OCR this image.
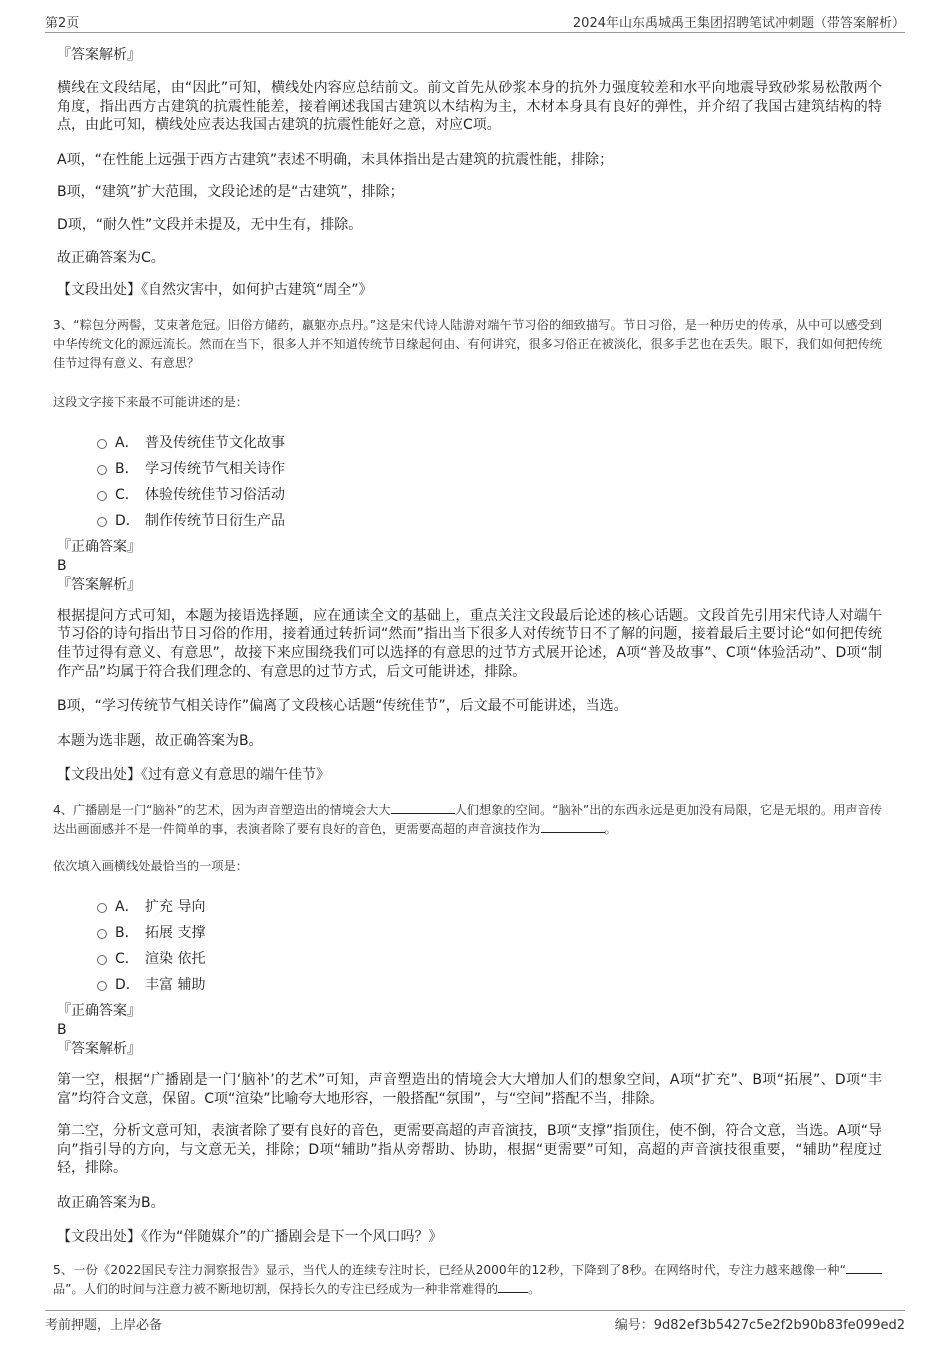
第2页	2024年山东禹城禹王集团招聘笔试冲刺题（带答案解析）

『答案解析』

横线在文段结尾，由“因此”可知，横线处内容应总结前文。前文首先从砂浆本身的抗外力强度较差和水平向地震导致砂浆易松散两个角度，指出西方古建筑的抗震性能差，接着阐述我国古建筑以木结构为主，木材本身具有良好的弹性，并介绍了我国古建筑结构的特点，由此可知，横线处应表达我国古建筑的抗震性能好之意，对应C项。

A项，“在性能上远强于西方古建筑”表述不明确，未具体指出是古建筑的抗震性能，排除；

B项，“建筑”扩大范围，文段论述的是“古建筑”，排除；

D项，“耐久性”文段并未提及，无中生有，排除。

故正确答案为C。

【文段出处】《自然灾害中，如何护古建筑“周全”》

3、“粽包分两髻，艾束著危冠。旧俗方储药，羸躯亦点丹。”这是宋代诗人陆游对端午节习俗的细致描写。节日习俗，是一种历史的传承，从中可以感受到中华传统文化的源远流长。然而在当下，很多人并不知道传统节日缘起何由、有何讲究，很多习俗正在被淡化，很多手艺也在丢失。眼下，我们如何把传统佳节过得有意义、有意思？

这段文字接下来最不可能讲述的是：

A． 普及传统佳节文化故事
B． 学习传统节气相关诗作
C． 体验传统佳节习俗活动
D． 制作传统节日衍生产品

『正确答案』

B

『答案解析』

根据提问方式可知，本题为接语选择题，应在通读全文的基础上，重点关注文段最后论述的核心话题。文段首先引用宋代诗人对端午节习俗的诗句指出节日习俗的作用，接着通过转折词“然而”指出当下很多人对传统节日不了解的问题，接着最后主要讨论“如何把传统佳节过得有意义、有意思”，故接下来应围绕我们可以选择的有意思的过节方式展开论述，A项“普及故事”、C项“体验活动”、D项“制作产品”均属于符合我们理念的、有意思的过节方式，后文可能讲述，排除。

B项，“学习传统节气相关诗作”偏离了文段核心话题“传统佳节”，后文最不可能讲述，当选。

本题为选非题，故正确答案为B。

【文段出处】《过有意义有意思的端午佳节》

4、广播剧是一门“脑补”的艺术，因为声音塑造出的情境会大大	人们想象的空间。“脑补”出的东西永远是更加没有局限，它是无垠的。用声音传达出画面感并不是一件简单的事，表演者除了要有良好的音色，更需要高超的声音演技作为	。

依次填入画横线处最恰当的一项是：

A． 扩充 导向
B． 拓展 支撑
C． 渲染 依托
D． 丰富 辅助

『正确答案』

B

『答案解析』

第一空，根据“广播剧是一门‘脑补’的艺术”可知，声音塑造出的情境会大大增加人们的想象空间，A项“扩充”、B项“拓展”、D项“丰富”均符合文意，保留。C项“渲染”比喻夸大地形容，一般搭配“氛围”，与“空间”搭配不当，排除。

第二空，分析文意可知，表演者除了要有良好的音色，更需要高超的声音演技，B项“支撑”指顶住，使不倒，符合文意，当选。A项“导向”指引导的方向，与文意无关，排除；D项“辅助”指从旁帮助、协助，根据“更需要”可知，高超的声音演技很重要，“辅助”程度过轻，排除。

故正确答案为B。

【文段出处】《作为“伴随媒介”的广播剧会是下一个风口吗？》

5、一份《2022国民专注力洞察报告》显示，当代人的连续专注时长，已经从2000年的12秒，下降到了8秒。在网络时代，专注力越来越像一种“品”。人们的时间与注意力被不断地切割，保持长久的专注已经成为一种非常难得的 。

考前押题，上岸必备	编号：9d82ef3b5427c5e2f2b90b83fe099ed2
